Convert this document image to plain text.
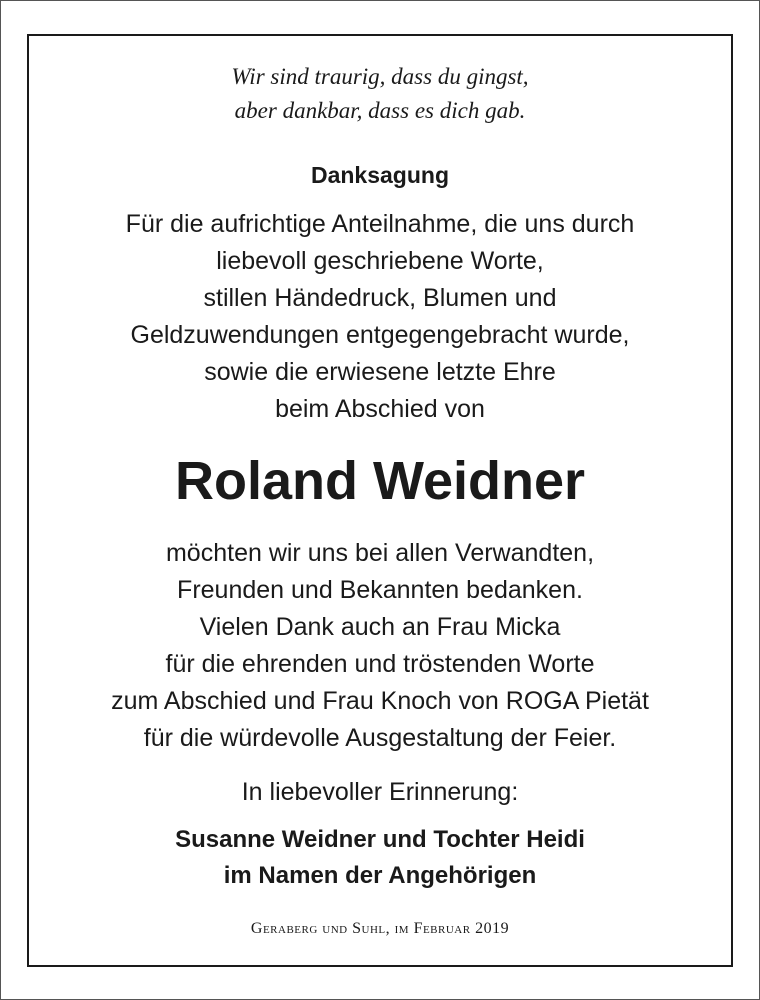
Wir sind traurig, dass du gingst,
aber dankbar, dass es dich gab.
Danksagung
Für die aufrichtige Anteilnahme, die uns durch
liebevoll geschriebene Worte,
stillen Händedruck, Blumen und
Geldzuwendungen entgegengebracht wurde,
sowie die erwiesene letzte Ehre
beim Abschied von
Roland Weidner
möchten wir uns bei allen Verwandten,
Freunden und Bekannten bedanken.
Vielen Dank auch an Frau Micka
für die ehrenden und tröstenden Worte
zum Abschied und Frau Knoch von ROGA Pietät
für die würdevolle Ausgestaltung der Feier.
In liebevoller Erinnerung:
Susanne Weidner und Tochter Heidi
im Namen der Angehörigen
Geraberg und Suhl, im Februar 2019
